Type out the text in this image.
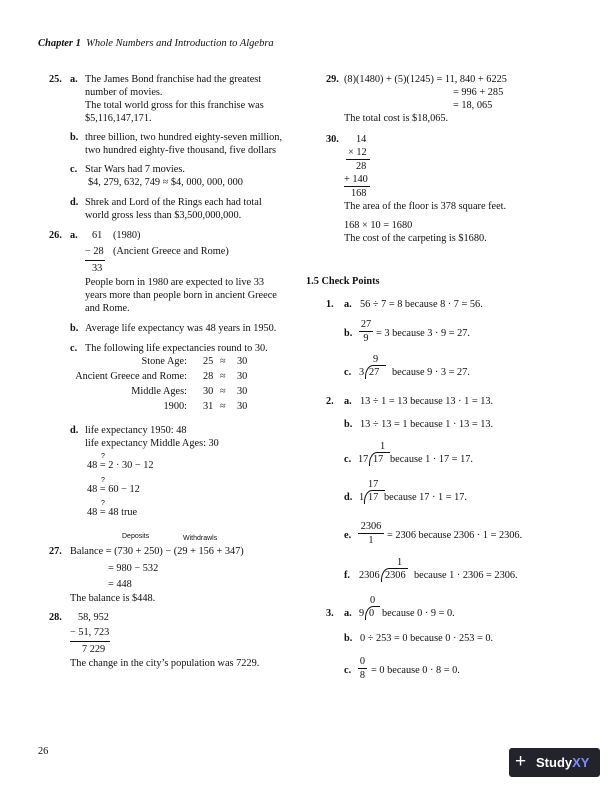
Chapter 1 Whole Numbers and Introduction to Algebra
25. a. The James Bond franchise had the greatest
number of movies.
The total world gross for this franchise was
$5,116,147,171.
b. three billion, two hundred eighty-seven million,
two hundred eighty-five thousand, five dollars
c. Star Wars had 7 movies.
$4, 279, 632, 749 ≈ $4, 000, 000, 000
d. Shrek and Lord of the Rings each had total
world gross less than $3,500,000,000.
26. a. 61 (1980)
− 28 (Ancient Greece and Rome)
33
People born in 1980 are expected to live 33
years more than people born in ancient Greece
and Rome.
b. Average life expectancy was 48 years in 1950.
c. The following life expectancies round to 30.
Stone Age: 25 ≈ 30
Ancient Greece and Rome: 28 ≈ 30
Middle Ages: 30 ≈ 30
1900: 31 ≈ 30
d. life expectancy 1950: 48
life expectancy Middle Ages: 30
?
48 = 2 · 30 − 12
?
48 = 60 − 12
?
48 = 48 true
Deposits	Withdrawls
27. Balance = (730 + 250) − (29 + 156 + 347)
= 980 − 532
= 448
The balance is $448.
28. 58, 952
− 51, 723
7 229
The change in the city’s population was 7229.
26
29. (8)(1480) + (5)(1245) = 11, 840 + 6225
= 996 + 285
= 18, 065
The total cost is $18,065.
30. 14
× 12
28
+ 140
168
The area of the floor is 378 square feet.
168 × 10 = 1680
The cost of the carpeting is $1680.
1.5 Check Points
1. a. 56 ÷ 7 = 8 because 8 · 7 = 56.
b. $\frac{27}{9} = 3$ because 3 · 9 = 27.
c.
9
3 27 because 9 · 3 = 27.
2. a. 13 ÷ 1 = 13 because 13 · 1 = 13.
b. 13 ÷ 13 = 1 because 1 · 13 = 13.
c.
1
17 17 because 1 · 17 = 17.
d.
17
1 17 because 17 · 1 = 17.
e. $\frac{2306}{1} = 2306$ because 2306 · 1 = 2306.
f.
1
2306 2306 because 1 · 2306 = 2306.
3. a.
0
9 0 because 0 · 9 = 0.
b. 0 ÷ 253 = 0 because 0 · 253 = 0.
c. $\frac{0}{8} = 0$ because 0 · 8 = 0.
+ StudyXY
